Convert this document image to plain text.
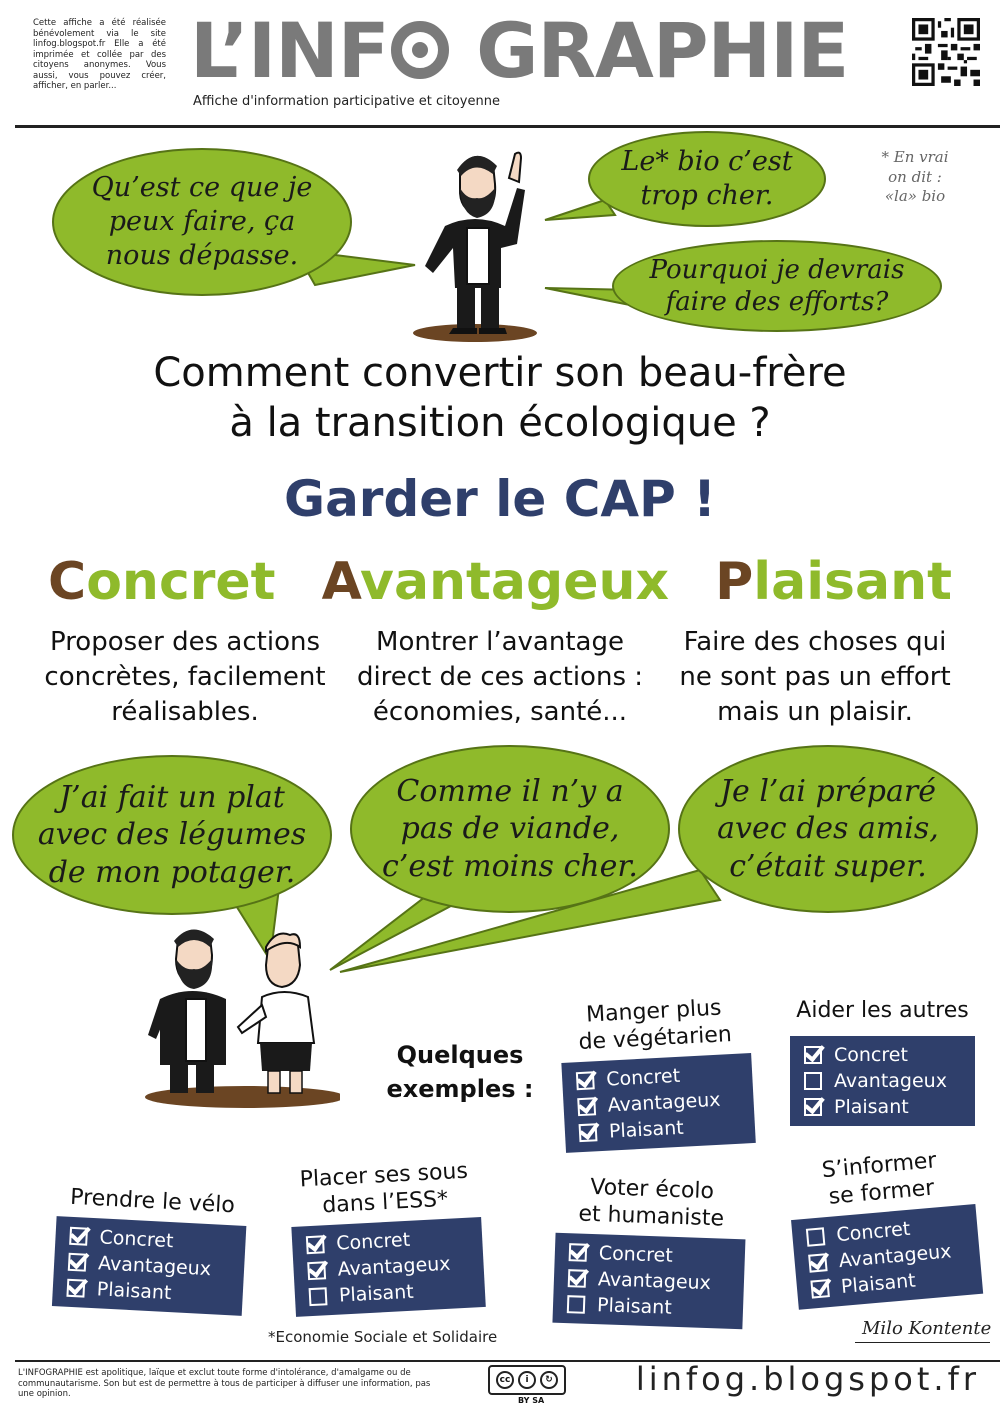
Cette affiche a été réalisée bénévolement via le site linfog.blogspot.fr Elle a été imprimée et collée par des citoyens anonymes. Vous aussi, vous pouvez créer, afficher, en parler... L’INF GRAPHIE
Affiche d'information participative et citoyenne
Qu’est ce que je
peux faire, ça
nous dépasse.
Le* bio c’est
trop cher.
Pourquoi je devrais
faire des efforts?
* En vrai
on dit :
«la» bio
Comment convertir son beau-frère
à la transition écologique ?
Garder le CAP !
Concret Avantageux Plaisant
Proposer des actions
concrètes, facilement
réalisables.
Montrer l’avantage
direct de ces actions :
économies, santé...
Faire des choses qui
ne sont pas un effort
mais un plaisir.
J’ai fait un plat
avec des légumes
de mon potager.
Comme il n’y a
pas de viande,
c’est moins cher.
Je l’ai préparé
avec des amis,
c’était super.
Quelques
exemples :
Manger plus
de végétarien
Concret
Avantageux
Plaisant
Aider les autres
Concret
Avantageux
Plaisant
Prendre le vélo
Concret
Avantageux
Plaisant
Placer ses sous
dans l’ESS*
Concret
Avantageux
Plaisant
Voter écolo
et humaniste
Concret
Avantageux
Plaisant
S’informer
se former
Concret
Avantageux
Plaisant
*Economie Sociale et Solidaire	Milo Kontente
L'INFOGRAPHIE est apolitique, laïque et exclut toute forme d'intolérance, d'amalgame ou de communautarisme. Son but est de permettre à tous de participer à diffuser une information, pas une opinion.
cc	i	↻
BY SA
linfog.blogspot.fr
